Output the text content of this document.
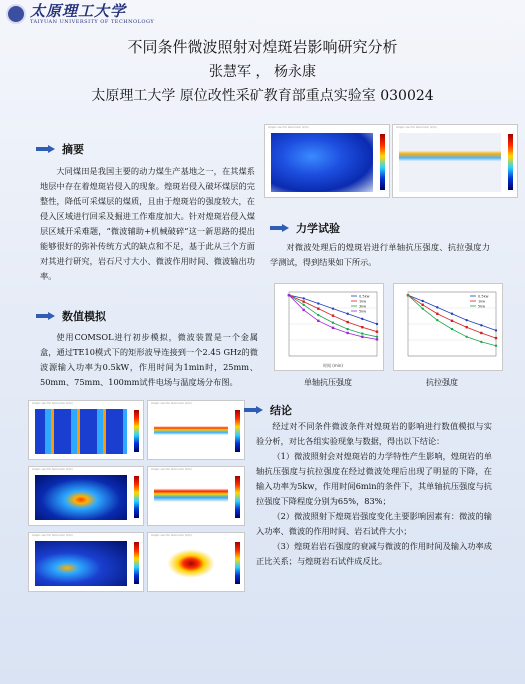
太原理工大学
TAIYUAN UNIVERSITY OF TECHNOLOGY
不同条件微波照射对煌斑岩影响研究分析
张慧军 ， 杨永康
太原理工大学 原位改性采矿教育部重点实验室 030024
摘要

大同煤田是我国主要的动力煤生产基地之一，在其煤系地层中存在着煌斑岩侵入的现象。煌斑岩侵入破坏煤层的完整性，降低可采煤层的煤质，且由于煌斑岩的强度较大，在侵入区域进行回采及掘进工作难度加大。针对煌斑岩侵入煤层区域开采难题，“微波辅助+机械破碎”这一新思路的提出能够很好的弥补传统方式的缺点和不足，基于此从三个方面对其进行研究，岩石尺寸大小、微波作用时间、微波输出功率。

数值模拟

使用COMSOL进行初步模拟，微波装置是一个金属盒，通过TE10模式下的矩形波导连接到一个2.45 GHz的微波源输入功率为0.5kW，作用时间为1min时，25mm、50mm、75mm、100mm试件电场与温度场分布图。

Graph: electric field norm (V/m)	Graph: electric field norm (V/m)
Graph: electric field norm (V/m)	Graph: electric field norm (V/m)
Graph: electric field norm (V/m)	Graph: electric field norm (V/m)
Graph: electric field norm (V/m)	Graph: electric field norm (V/m)
力学试验

对微波处理后的煌斑岩进行单轴抗压强度、抗拉强度力学测试，得到结果如下所示。

0.5kw
1kw
3kw
5kw
时间 (min)
0.5kw
1kw
5kw
单轴抗压强度	抗拉强度
结论

经过对不同条件微波条件对煌斑岩的影响进行数值模拟与实验分析，对比各组实验现象与数据，得出以下结论：

（1）微波照射会对煌斑岩的力学特性产生影响，煌斑岩的单轴抗压强度与抗拉强度在经过微波处理后出现了明显的下降，在输入功率为5kw，作用时间6min的条件下，其单轴抗压强度与抗拉强度下降程度分别为65%，83%；

（2）微波照射下煌斑岩强度变化主要影响因素有：微波的输入功率、微波的作用时间、岩石试件大小；

（3）煌斑岩岩石强度的衰减与微波的作用时间及输入功率成正比关系；与煌斑岩石试件成反比。
